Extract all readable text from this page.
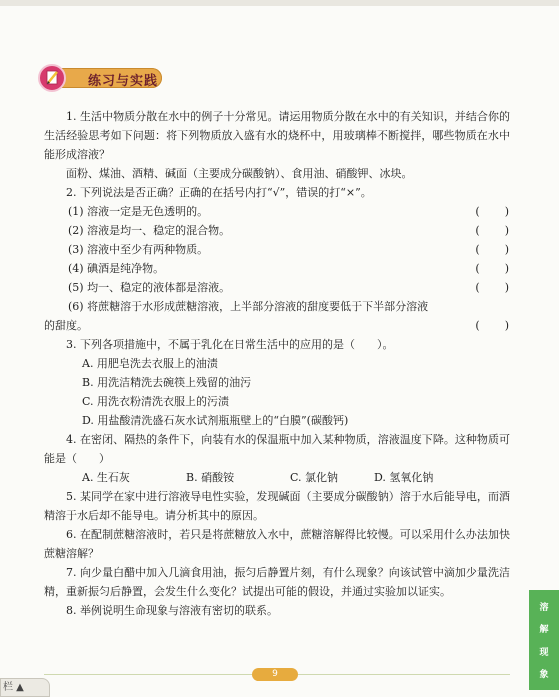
练习与实践

1. 生活中物质分散在水中的例子十分常见。请运用物质分散在水中的有关知识，并结合你的生活经验思考如下问题：将下列物质放入盛有水的烧杯中，用玻璃棒不断搅拌，哪些物质在水中能形成溶液？

面粉、煤油、酒精、碱面（主要成分碳酸钠）、食用油、硝酸钾、冰块。

2. 下列说法是否正确？正确的在括号内打“√”，错误的打“×”。

(1) 溶液一定是无色透明的。	(　　)
(2) 溶液是均一、稳定的混合物。	(　　)
(3) 溶液中至少有两种物质。	(　　)
(4) 碘酒是纯净物。	(　　)
(5) 均一、稳定的液体都是溶液。	(　　)
(6) 将蔗糖溶于水形成蔗糖溶液，上半部分溶液的甜度要低于下半部分溶液
的甜度。	(　　)

3. 下列各项措施中，不属于乳化在日常生活中的应用的是（　　）。

A. 用肥皂洗去衣服上的油渍
B. 用洗洁精洗去碗筷上残留的油污
C. 用洗衣粉清洗衣服上的污渍
D. 用盐酸清洗盛石灰水试剂瓶瓶壁上的“白膜”(碳酸钙)

4. 在密闭、隔热的条件下，向装有水的保温瓶中加入某种物质，溶液温度下降。这种物质可能是（　　）

A. 生石灰	B. 硝酸铵	C. 氯化钠	D. 氢氧化钠

5. 某同学在家中进行溶液导电性实验，发现碱面（主要成分碳酸钠）溶于水后能导电，而酒精溶于水后却不能导电。请分析其中的原因。

6. 在配制蔗糖溶液时，若只是将蔗糖放入水中，蔗糖溶解得比较慢。可以采用什么办法加快蔗糖溶解？

7. 向少量白醋中加入几滴食用油，振匀后静置片刻，有什么现象？向该试管中滴加少量洗洁精，重新振匀后静置，会发生什么变化？试提出可能的假设，并通过实验加以证实。

8. 举例说明生命现象与溶液有密切的联系。	溶
解
现
象
9
栏 ▲
